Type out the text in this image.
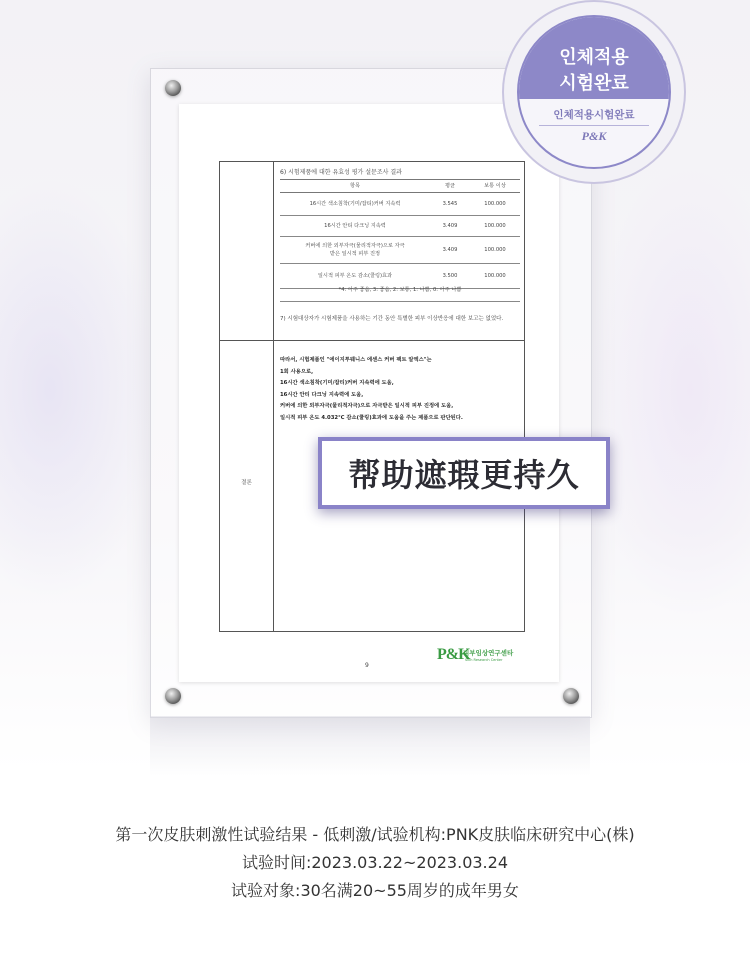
6) 시험제품에 대한 유효성 평가 설문조사 결과
항목	평균	보통 이상
16시간 색소침착(기미/잡티)커버 지속력	3.545	100.000
16시간 안티 다크닝 지속력	3.409	100.000

커버에 의한 외부자극(물리적자극)으로 자극
받은 일시적 피부 진정	3.409	100.000
일시적 피부 온도 감소(쿨링)효과	3.500	100.000
*4: 아주 좋음, 3: 좋음, 2: 보통, 1: 나쁨, 0: 아주 나쁨
7) 시험대상자가 시험제품을 사용하는 기간 동안 특별한 피부 이상반응에 대한 보고는 없었다.
따라서, 시험제품인 "에이지투웨니스 에센스 커버 팩트 알엑스"는
1회 사용으로,
16시간 색소침착(기미/잡티)커버 지속력에 도움,
16시간 안티 다크닝 지속력에 도움,
커버에 의한 외부자극(물리적자극)으로 자극받은 일시적 피부 진정에 도움,
일시적 피부 온도 4.032℃ 감소(쿨링)효과에 도움을 주는 제품으로 판단된다.
결론
9
P&K
피부임상연구센타
Skin Research Center
帮助遮瑕更持久
인체적용
시험완료
인체적용시험완료
P&K
第一次皮肤刺激性试验结果 - 低刺激/试验机构:PNK皮肤临床研究中心(株)
试验时间:2023.03.22~2023.03.24
试验对象:30名满20~55周岁的成年男女
